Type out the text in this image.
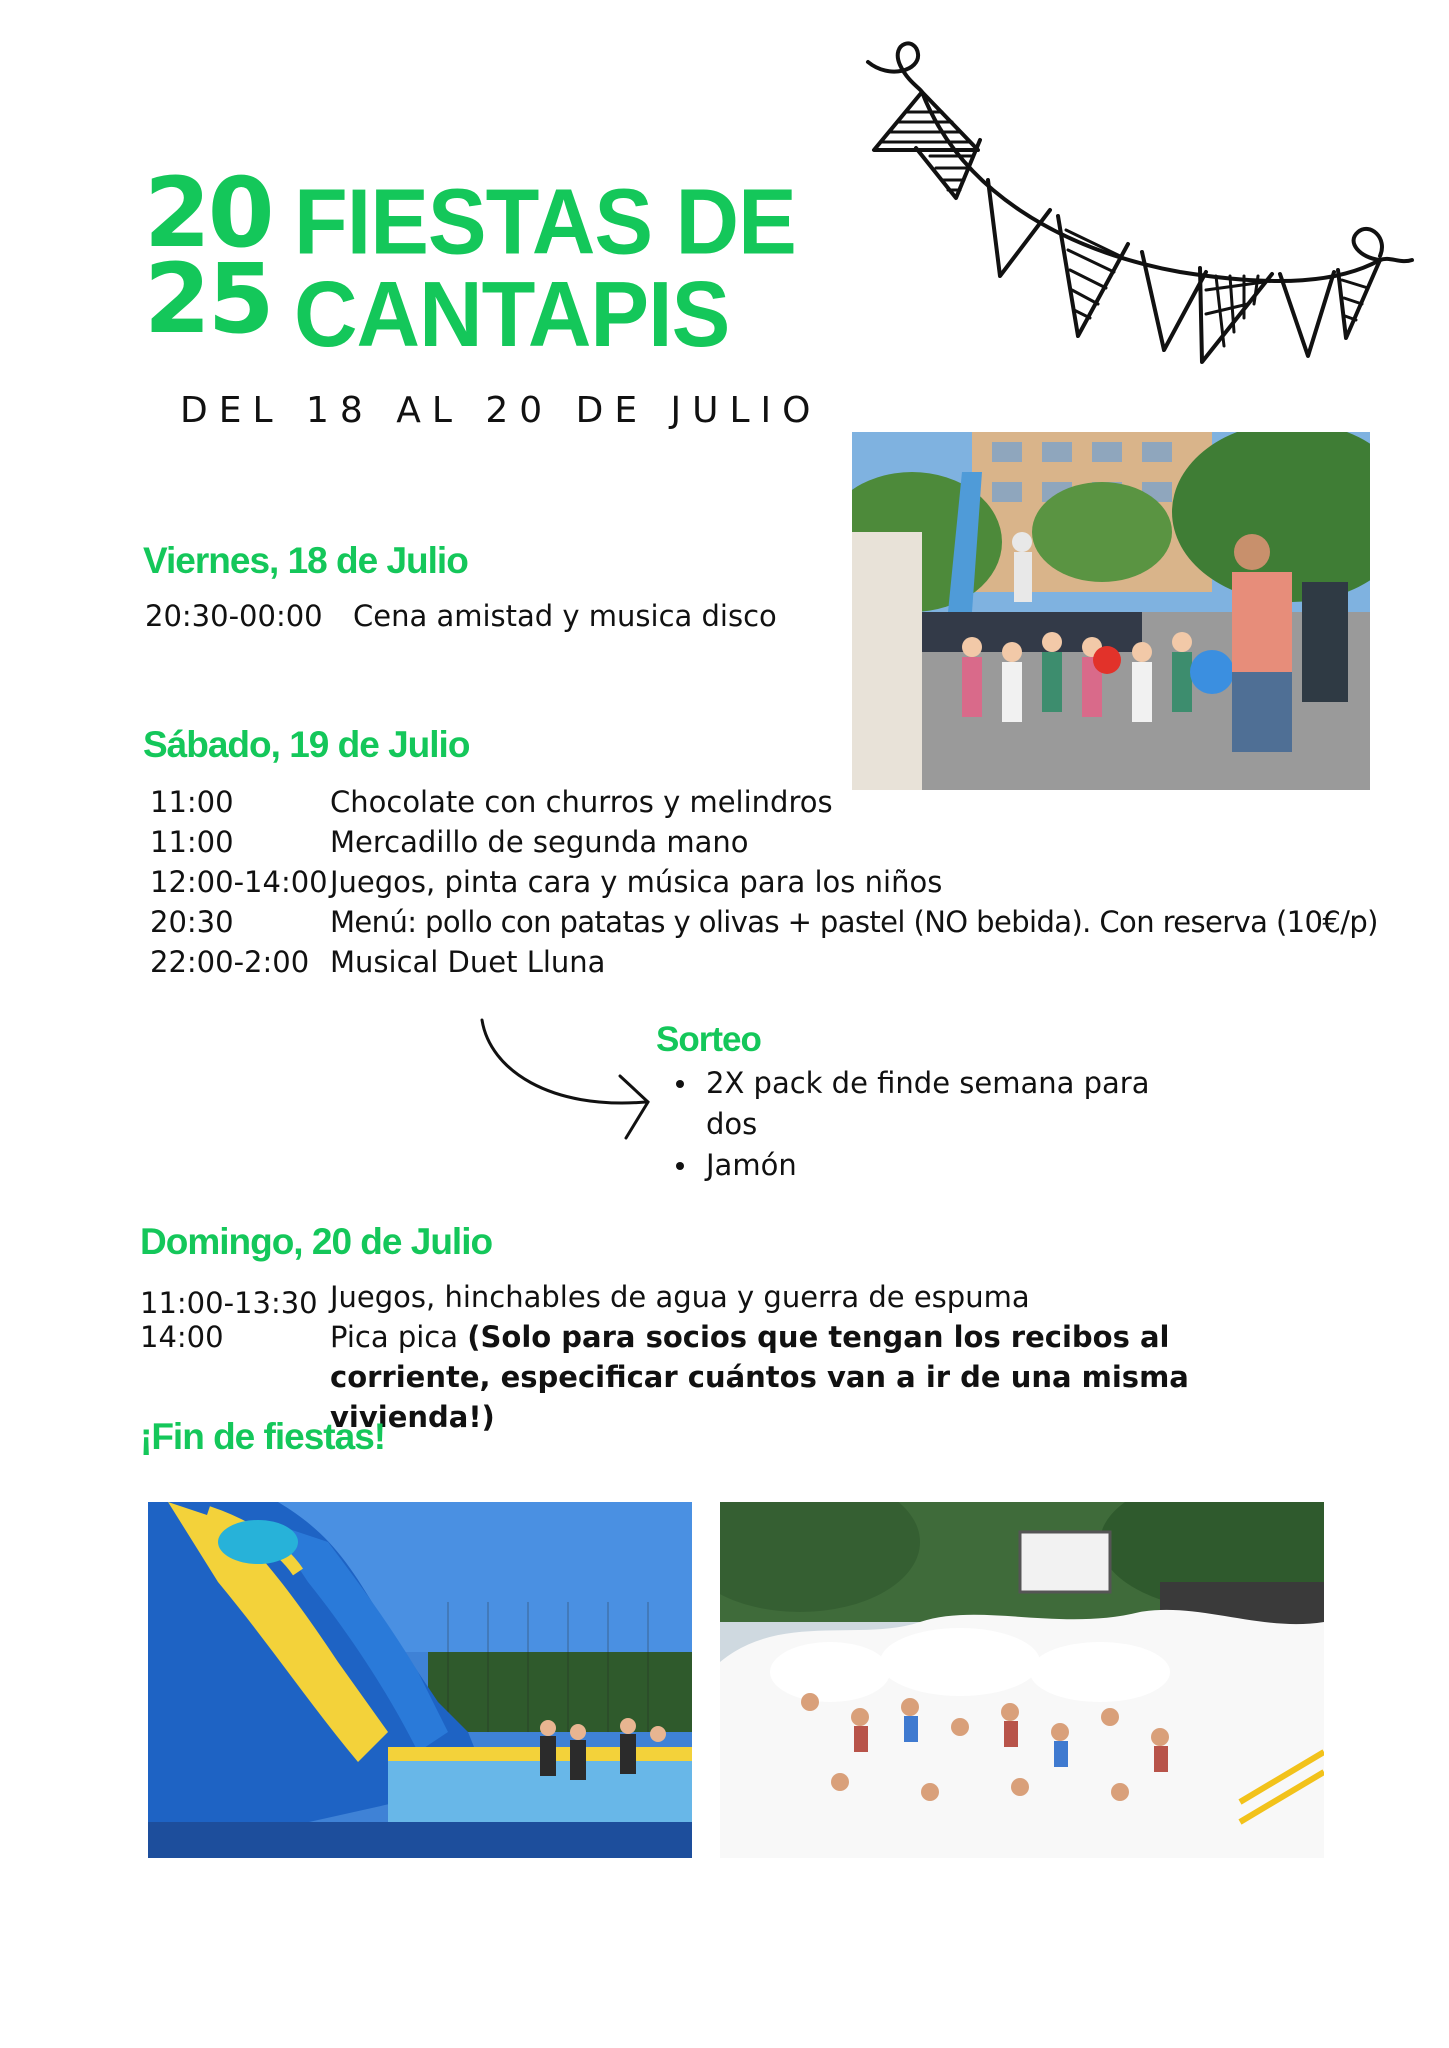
20
25
FIESTAS DE
CANTAPIS
DEL 18 AL 20 DE JULIO
Viernes, 18 de Julio
20:30-00:00 Cena amistad y musica disco
Sábado, 19 de Julio
11:00	Chocolate con churros y melindros
11:00	Mercadillo de segunda mano
12:00-14:00 Juegos, pinta cara y música para los niños
20:30	Menú: pollo con patatas y olivas + pastel (NO bebida). Con reserva (10€/p)
22:00-2:00 Musical Duet Lluna
Sorteo
2X pack de finde semana para dos
Jamón
Domingo, 20 de Julio
11:00-13:30 Juegos, hinchables de agua y guerra de espuma
14:00	Pica pica (Solo para socios que tengan los recibos al corriente, especificar cuántos van a ir de una misma vivienda!)
¡Fin de fiestas!
